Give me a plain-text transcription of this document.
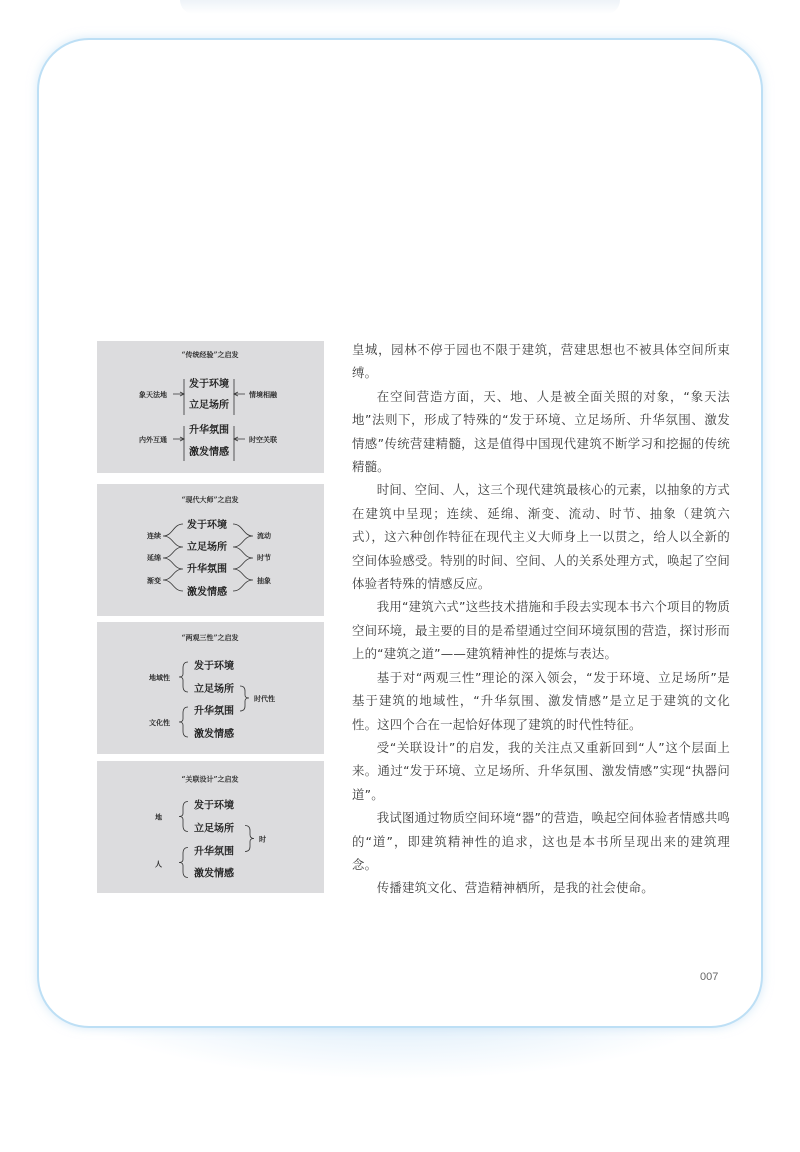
“传统经验”之启发
发于环境
立足场所
升华氛围
激发情感
象天法地
内外互通
情境相融
时空关联
“现代大师”之启发
发于环境
立足场所
升华氛围
激发情感
连续
延绵
渐变
流动
时节
抽象
“两观三性”之启发
发于环境
立足场所
升华氛围
激发情感
地域性
文化性
时代性
“关联设计”之启发
发于环境
立足场所
升华氛围
激发情感
地
人
时

皇城，园林不停于园也不限于建筑，营建思想也不被具体空间所束缚。

在空间营造方面，天、地、人是被全面关照的对象，“象天法地”法则下，形成了特殊的“发于环境、立足场所、升华氛围、激发情感”传统营建精髓，这是值得中国现代建筑不断学习和挖掘的传统精髓。

时间、空间、人，这三个现代建筑最核心的元素，以抽象的方式在建筑中呈现；连续、延绵、渐变、流动、时节、抽象（建筑六式），这六种创作特征在现代主义大师身上一以贯之，给人以全新的空间体验感受。特别的时间、空间、人的关系处理方式，唤起了空间体验者特殊的情感反应。

我用“建筑六式”这些技术措施和手段去实现本书六个项目的物质空间环境，最主要的目的是希望通过空间环境氛围的营造，探讨形而上的“建筑之道”——建筑精神性的提炼与表达。

基于对“两观三性”理论的深入领会，“发于环境、立足场所”是基于建筑的地域性，“升华氛围、激发情感”是立足于建筑的文化性。这四个合在一起恰好体现了建筑的时代性特征。

受“关联设计”的启发，我的关注点又重新回到“人”这个层面上来。通过“发于环境、立足场所、升华氛围、激发情感”实现“执器问道”。

我试图通过物质空间环境“器”的营造，唤起空间体验者情感共鸣的“道”，即建筑精神性的追求，这也是本书所呈现出来的建筑理念。

传播建筑文化、营造精神栖所，是我的社会使命。

007
